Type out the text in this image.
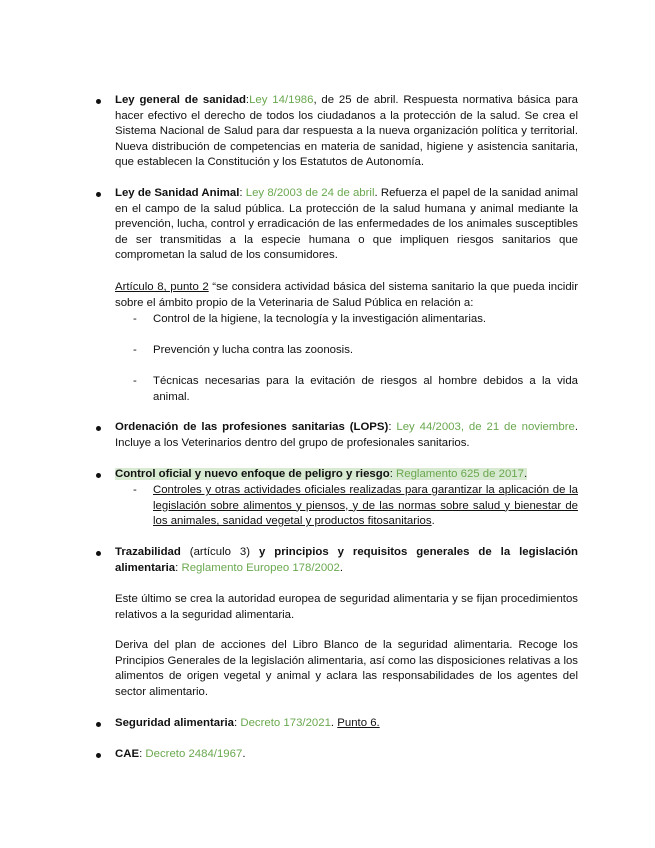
Ley general de sanidad:Ley 14/1986, de 25 de abril. Respuesta normativa básica para hacer efectivo el derecho de todos los ciudadanos a la protección de la salud. Se crea el Sistema Nacional de Salud para dar respuesta a la nueva organización política y territorial. Nueva distribución de competencias en materia de sanidad, higiene y asistencia sanitaria, que establecen la Constitución y los Estatutos de Autonomía.
Ley de Sanidad Animal: Ley 8/2003 de 24 de abril. Refuerza el papel de la sanidad animal en el campo de la salud pública. La protección de la salud humana y animal mediante la prevención, lucha, control y erradicación de las enfermedades de los animales susceptibles de ser transmitidas a la especie humana o que impliquen riesgos sanitarios que comprometan la salud de los consumidores.
Artículo 8, punto 2 “se considera actividad básica del sistema sanitario la que pueda incidir sobre el ámbito propio de la Veterinaria de Salud Pública en relación a:
- Control de la higiene, la tecnología y la investigación alimentarias.
- Prevención y lucha contra las zoonosis.
- Técnicas necesarias para la evitación de riesgos al hombre debidos a la vida animal.
Ordenación de las profesiones sanitarias (LOPS): Ley 44/2003, de 21 de noviembre. Incluye a los Veterinarios dentro del grupo de profesionales sanitarios.
Control oficial y nuevo enfoque de peligro y riesgo: Reglamento 625 de 2017.
- Controles y otras actividades oficiales realizadas para garantizar la aplicación de la legislación sobre alimentos y piensos, y de las normas sobre salud y bienestar de los animales, sanidad vegetal y productos fitosanitarios.
Trazabilidad (artículo 3) y principios y requisitos generales de la legislación alimentaria: Reglamento Europeo 178/2002.
Este último se crea la autoridad europea de seguridad alimentaria y se fijan procedimientos relativos a la seguridad alimentaria.
Deriva del plan de acciones del Libro Blanco de la seguridad alimentaria. Recoge los Principios Generales de la legislación alimentaria, así como las disposiciones relativas a los alimentos de origen vegetal y animal y aclara las responsabilidades de los agentes del sector alimentario.
Seguridad alimentaria: Decreto 173/2021. Punto 6.
CAE: Decreto 2484/1967.
